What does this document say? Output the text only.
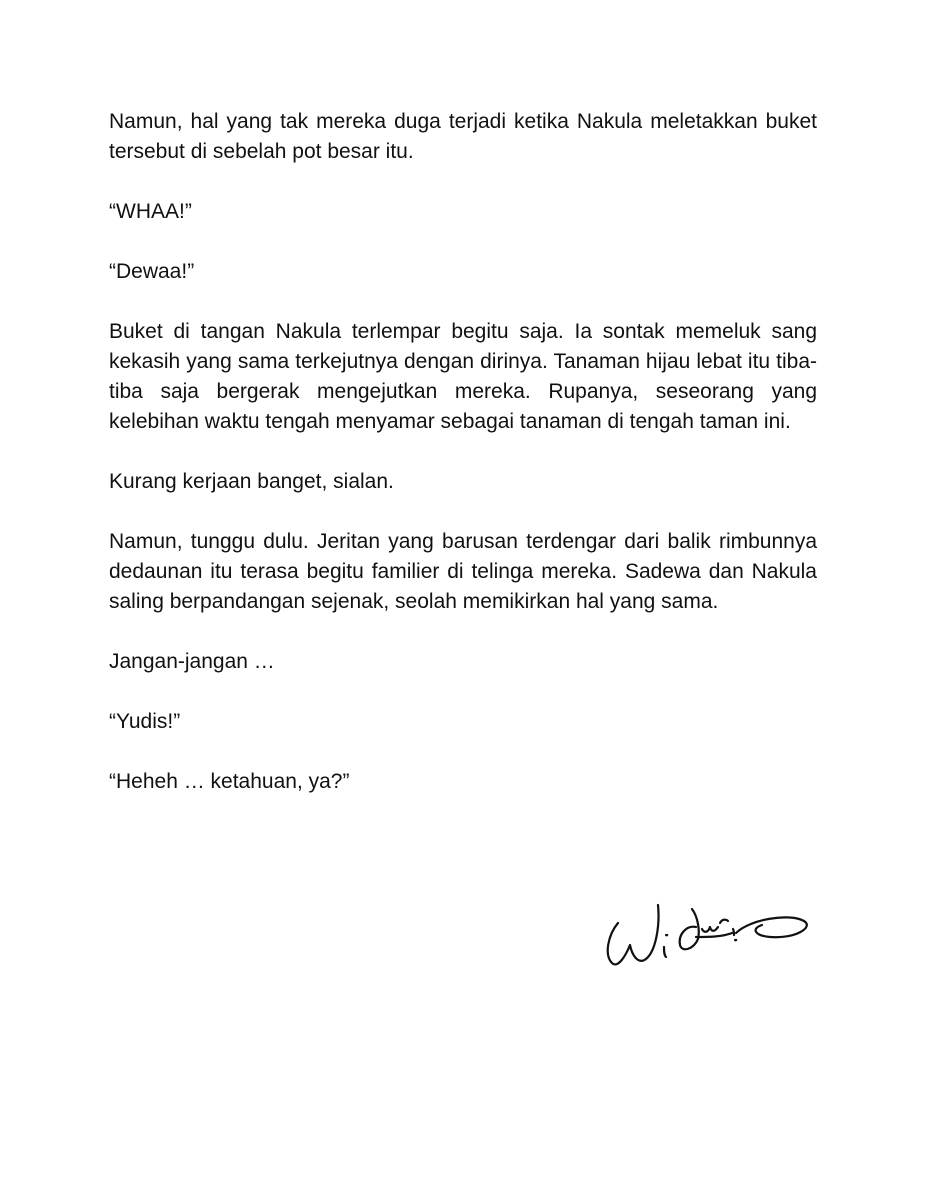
Namun, hal yang tak mereka duga terjadi ketika Nakula meletakkan buket tersebut di sebelah pot besar itu.

“WHAA!”

“Dewaa!”

Buket di tangan Nakula terlempar begitu saja. Ia sontak memeluk sang kekasih yang sama terkejutnya dengan dirinya. Tanaman hijau lebat itu tiba-tiba saja bergerak mengejutkan mereka. Rupanya, seseorang yang kelebihan waktu tengah menyamar sebagai tanaman di tengah taman ini.

Kurang kerjaan banget, sialan.

Namun, tunggu dulu. Jeritan yang barusan terdengar dari balik rimbunnya dedaunan itu terasa begitu familier di telinga mereka. Sadewa dan Nakula saling berpandangan sejenak, seolah memikirkan hal yang sama.

Jangan-jangan …

“Yudis!”

“Heheh … ketahuan, ya?”
